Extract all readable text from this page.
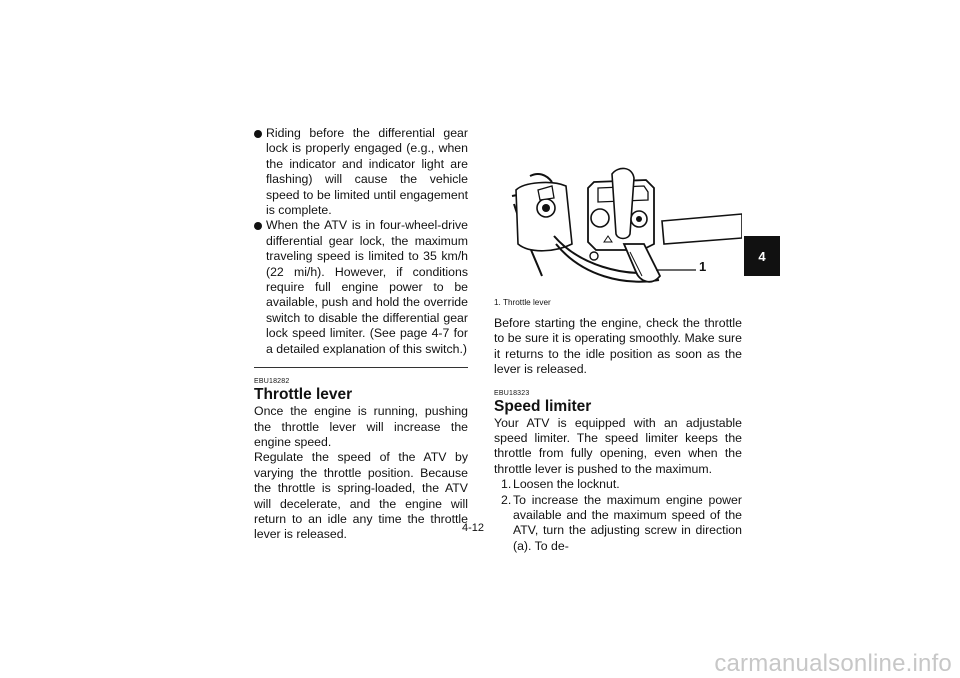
Riding before the differential gear lock is properly engaged (e.g., when the indicator and indicator light are flashing) will cause the vehicle speed to be limited until engagement is complete.
When the ATV is in four-wheel-drive differential gear lock, the maximum traveling speed is limited to 35 km/h (22 mi/h). However, if conditions require full engine power to be available, push and hold the override switch to disable the differential gear lock speed limiter. (See page 4-7 for a detailed explanation of this switch.)
EBU18282
Throttle lever

Once the engine is running, pushing the throttle lever will increase the engine speed.

Regulate the speed of the ATV by varying the throttle position. Because the throttle is spring-loaded, the ATV will decelerate, and the engine will return to an idle any time the throttle lever is released.

1
1. Throttle lever

Before starting the engine, check the throttle to be sure it is operating smoothly. Make sure it returns to the idle position as soon as the lever is released.

EBU18323
Speed limiter

Your ATV is equipped with an adjustable speed limiter. The speed limiter keeps the throttle from fully opening, even when the throttle lever is pushed to the maximum.

1. Loosen the locknut.
2. To increase the maximum engine power available and the maximum speed of the ATV, turn the adjusting screw in direction (a). To de-
4
4-12
carmanualsonline.info
